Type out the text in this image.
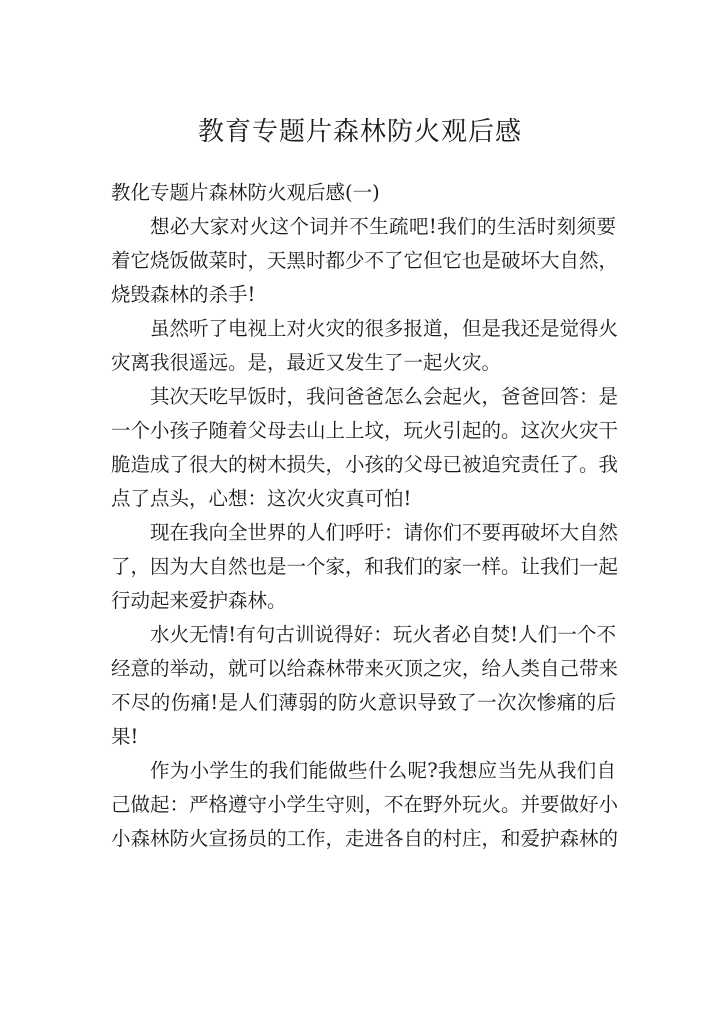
教育专题片森林防火观后感

教化专题片森林防火观后感(一)

想必大家对火这个词并不生疏吧!我们的生活时刻须要
着它烧饭做菜时，天黑时都少不了它但它也是破坏大自然，
烧毁森林的杀手!
虽然听了电视上对火灾的很多报道，但是我还是觉得火
灾离我很遥远。是，最近又发生了一起火灾。
其次天吃早饭时，我问爸爸怎么会起火，爸爸回答：是
一个小孩子随着父母去山上上坟，玩火引起的。这次火灾干
脆造成了很大的树木损失，小孩的父母已被追究责任了。我
点了点头，心想：这次火灾真可怕!
现在我向全世界的人们呼吁：请你们不要再破坏大自然
了，因为大自然也是一个家，和我们的家一样。让我们一起
行动起来爱护森林。
水火无情!有句古训说得好：玩火者必自焚!人们一个不
经意的举动，就可以给森林带来灭顶之灾，给人类自己带来
不尽的伤痛!是人们薄弱的防火意识导致了一次次惨痛的后
果!
作为小学生的我们能做些什么呢?我想应当先从我们自
己做起：严格遵守小学生守则，不在野外玩火。并要做好小
小森林防火宣扬员的工作，走进各自的村庄，和爱护森林的
